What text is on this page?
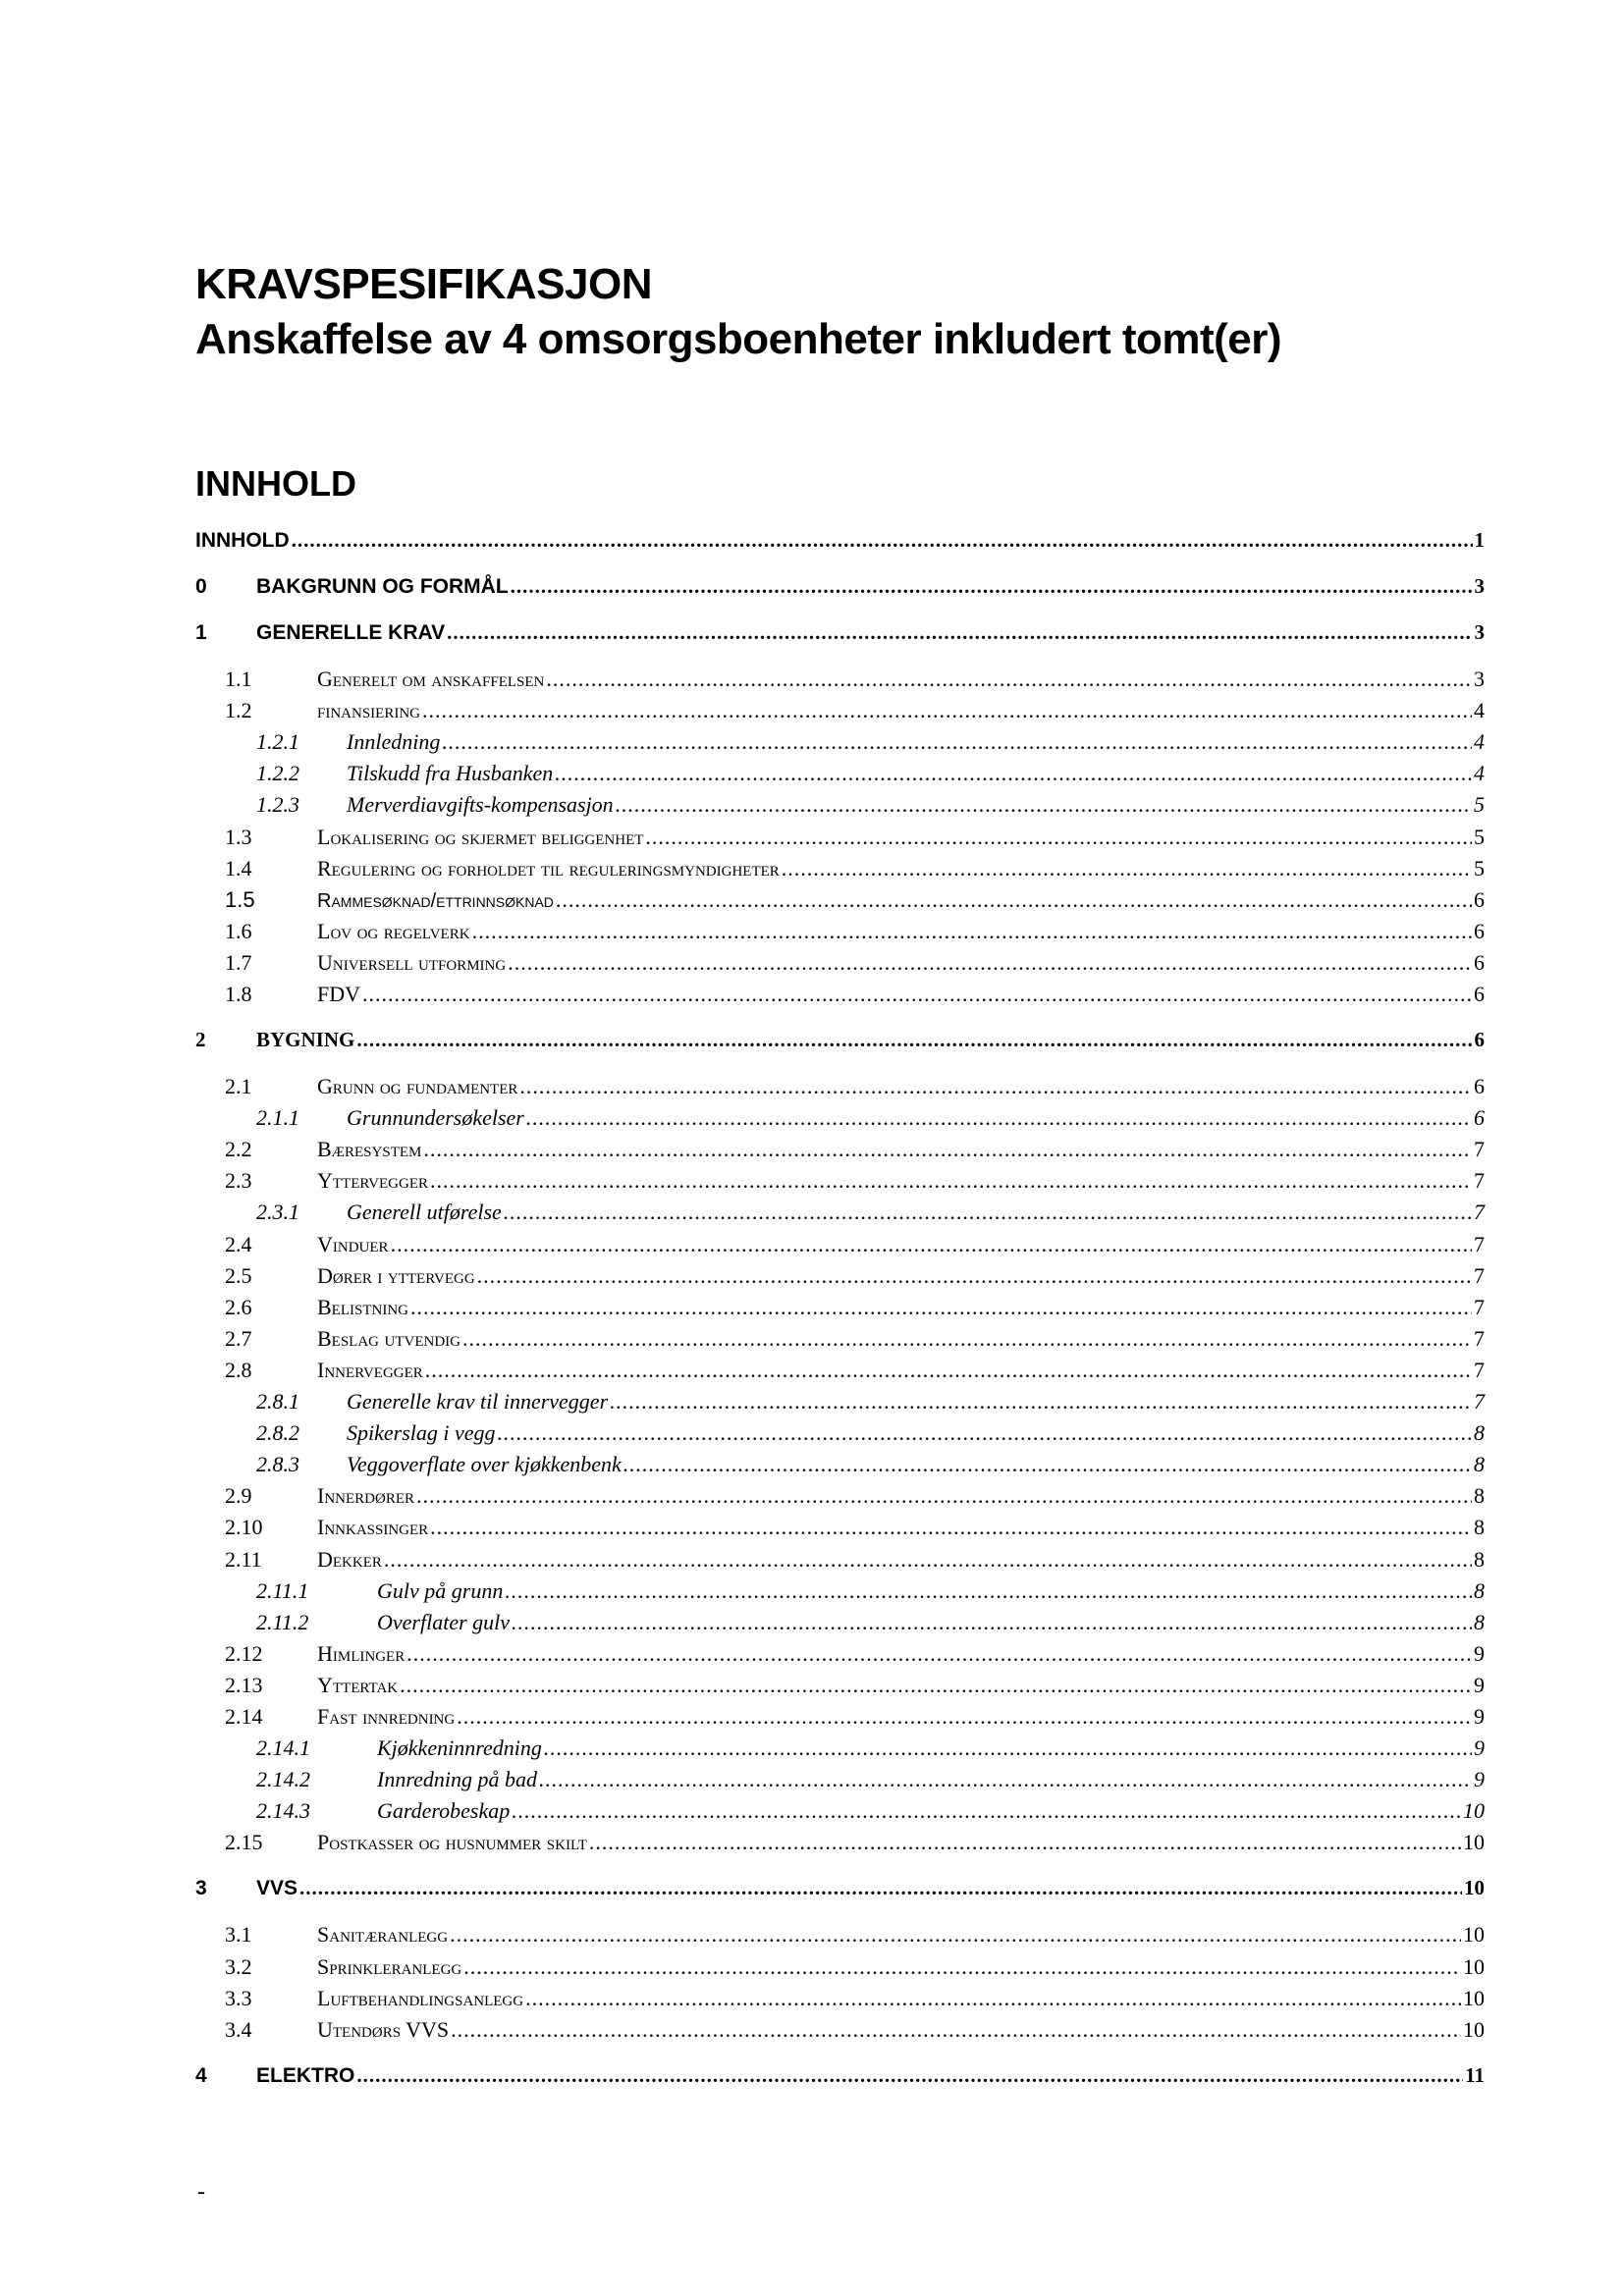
KRAVSPESIFIKASJON
Anskaffelse av 4 omsorgsboenheter inkludert tomt(er)
INNHOLD
INNHOLD .....	1
0	BAKGRUNN OG FORMÅL .....	3
1	GENERELLE KRAV .....	3
1.1	Generelt om anskaffelsen .....	3
1.2	finansiering .....	4
1.2.1	Innledning .....	4
1.2.2	Tilskudd fra Husbanken .....	4
1.2.3	Merverdiavgifts-kompensasjon .....	5
1.3	Lokalisering og skjermet beliggenhet .....	5
1.4	Regulering og forholdet til reguleringsmyndigheter .....	5
1.5	Rammesøknad/ettrinnsøknad .....	6
1.6	Lov og regelverk .....	6
1.7	Universell utforming .....	6
1.8	FDV .....	6
2	BYGNING .....	6
2.1	Grunn og fundamenter .....	6
2.1.1	Grunnundersøkelser .....	6
2.2	Bæresystem .....	7
2.3	Yttervegger .....	7
2.3.1	Generell utførelse .....	7
2.4	Vinduer .....	7
2.5	Dører i yttervegg .....	7
2.6	Belistning .....	7
2.7	Beslag utvendig .....	7
2.8	Innervegger .....	7
2.8.1	Generelle krav til innervegger .....	7
2.8.2	Spikerslag i vegg .....	8
2.8.3	Veggoverflate over kjøkkenbenk .....	8
2.9	Innerdører .....	8
2.10	Innkassinger .....	8
2.11	Dekker .....	8
2.11.1	Gulv på grunn .....	8
2.11.2	Overflater gulv .....	8
2.12	Himlinger .....	9
2.13	Yttertak .....	9
2.14	Fast innredning .....	9
2.14.1	Kjøkkeninnredning .....	9
2.14.2	Innredning på bad .....	9
2.14.3	Garderobeskap .....	10
2.15	Postkasser og husnummer skilt .....	10
3	VVS .....	10
3.1	Sanitæranlegg .....	10
3.2	Sprinkleranlegg .....	10
3.3	Luftbehandlingsanlegg .....	10
3.4	Utendørs VVS .....	10
4	ELEKTRO .....	11
-
